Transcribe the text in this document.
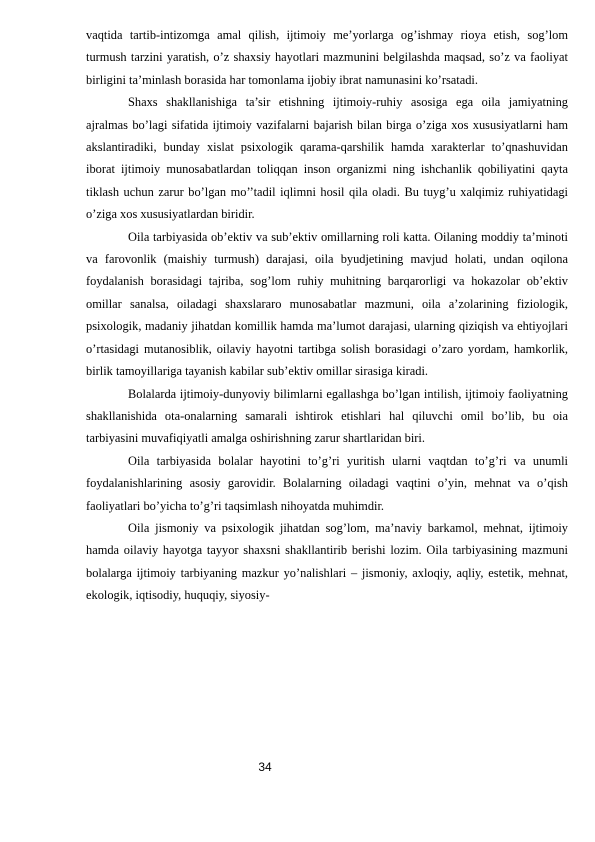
vaqtida tartib-intizomga amal qilish, ijtimoiy me’yorlarga og’ishmay rioya etish, sog’lom turmush tarzini yaratish, o’z shaxsiy hayotlari mazmunini belgilashda maqsad, so’z va faoliyat birligini ta’minlash borasida har tomonlama ijobiy ibrat namunasini ko’rsatadi.

Shaxs shakllanishiga ta’sir etishning ijtimoiy-ruhiy asosiga ega oila jamiyatning ajralmas bo’lagi sifatida ijtimoiy vazifalarni bajarish bilan birga o’ziga xos xususiyatlarni ham akslantiradiki, bunday xislat psixologik qarama-qarshilik hamda xarakterlar to’qnashuvidan iborat ijtimoiy munosabatlardan toliqqan inson organizmi ning ishchanlik qobiliyatini qayta tiklash uchun zarur bo’lgan mo’’tadil iqlimni hosil qila oladi. Bu tuyg’u xalqimiz ruhiyatidagi o’ziga xos xususiyatlardan biridir.

Oila tarbiyasida ob’ektiv va sub’ektiv omillarning roli katta. Oilaning moddiy ta’minoti va farovonlik (maishiy turmush) darajasi, oila byudjetining mavjud holati, undan oqilona foydalanish borasidagi tajriba, sog’lom ruhiy muhitning barqarorligi va hokazolar ob’ektiv omillar sanalsa, oiladagi shaxslararo munosabatlar mazmuni, oila a’zolarining fiziologik, psixologik, madaniy jihatdan komillik hamda ma’lumot darajasi, ularning qiziqish va ehtiyojlari o’rtasidagi mutanosiblik, oilaviy hayotni tartibga solish borasidagi o’zaro yordam, hamkorlik, birlik tamoyillariga tayanish kabilar sub’ektiv omillar sirasiga kiradi.

Bolalarda ijtimoiy-dunyoviy bilimlarni egallashga bo’lgan intilish, ijtimoiy faoliyatning shakllanishida ota-onalarning samarali ishtirok etishlari hal qiluvchi omil bo’lib, bu oia tarbiyasini muvafiqiyatli amalga oshirishning zarur shartlaridan biri.

Oila tarbiyasida bolalar hayotini to’g’ri yuritish ularni vaqtdan to’g’ri va unumli foydalanishlarining asosiy garovidir. Bolalarning oiladagi vaqtini o’yin, mehnat va o’qish faoliyatlari bo’yicha to’g’ri taqsimlash nihoyatda muhimdir.

Oila jismoniy va psixologik jihatdan sog’lom, ma’naviy barkamol, mehnat, ijtimoiy hamda oilaviy hayotga tayyor shaxsni shakllantirib berishi lozim. Oila tarbiyasining mazmuni bolalarga ijtimoiy tarbiyaning mazkur yo’nalishlari – jismoniy, axloqiy, aqliy, estetik, mehnat, ekologik, iqtisodiy, huquqiy, siyosiy-

34
